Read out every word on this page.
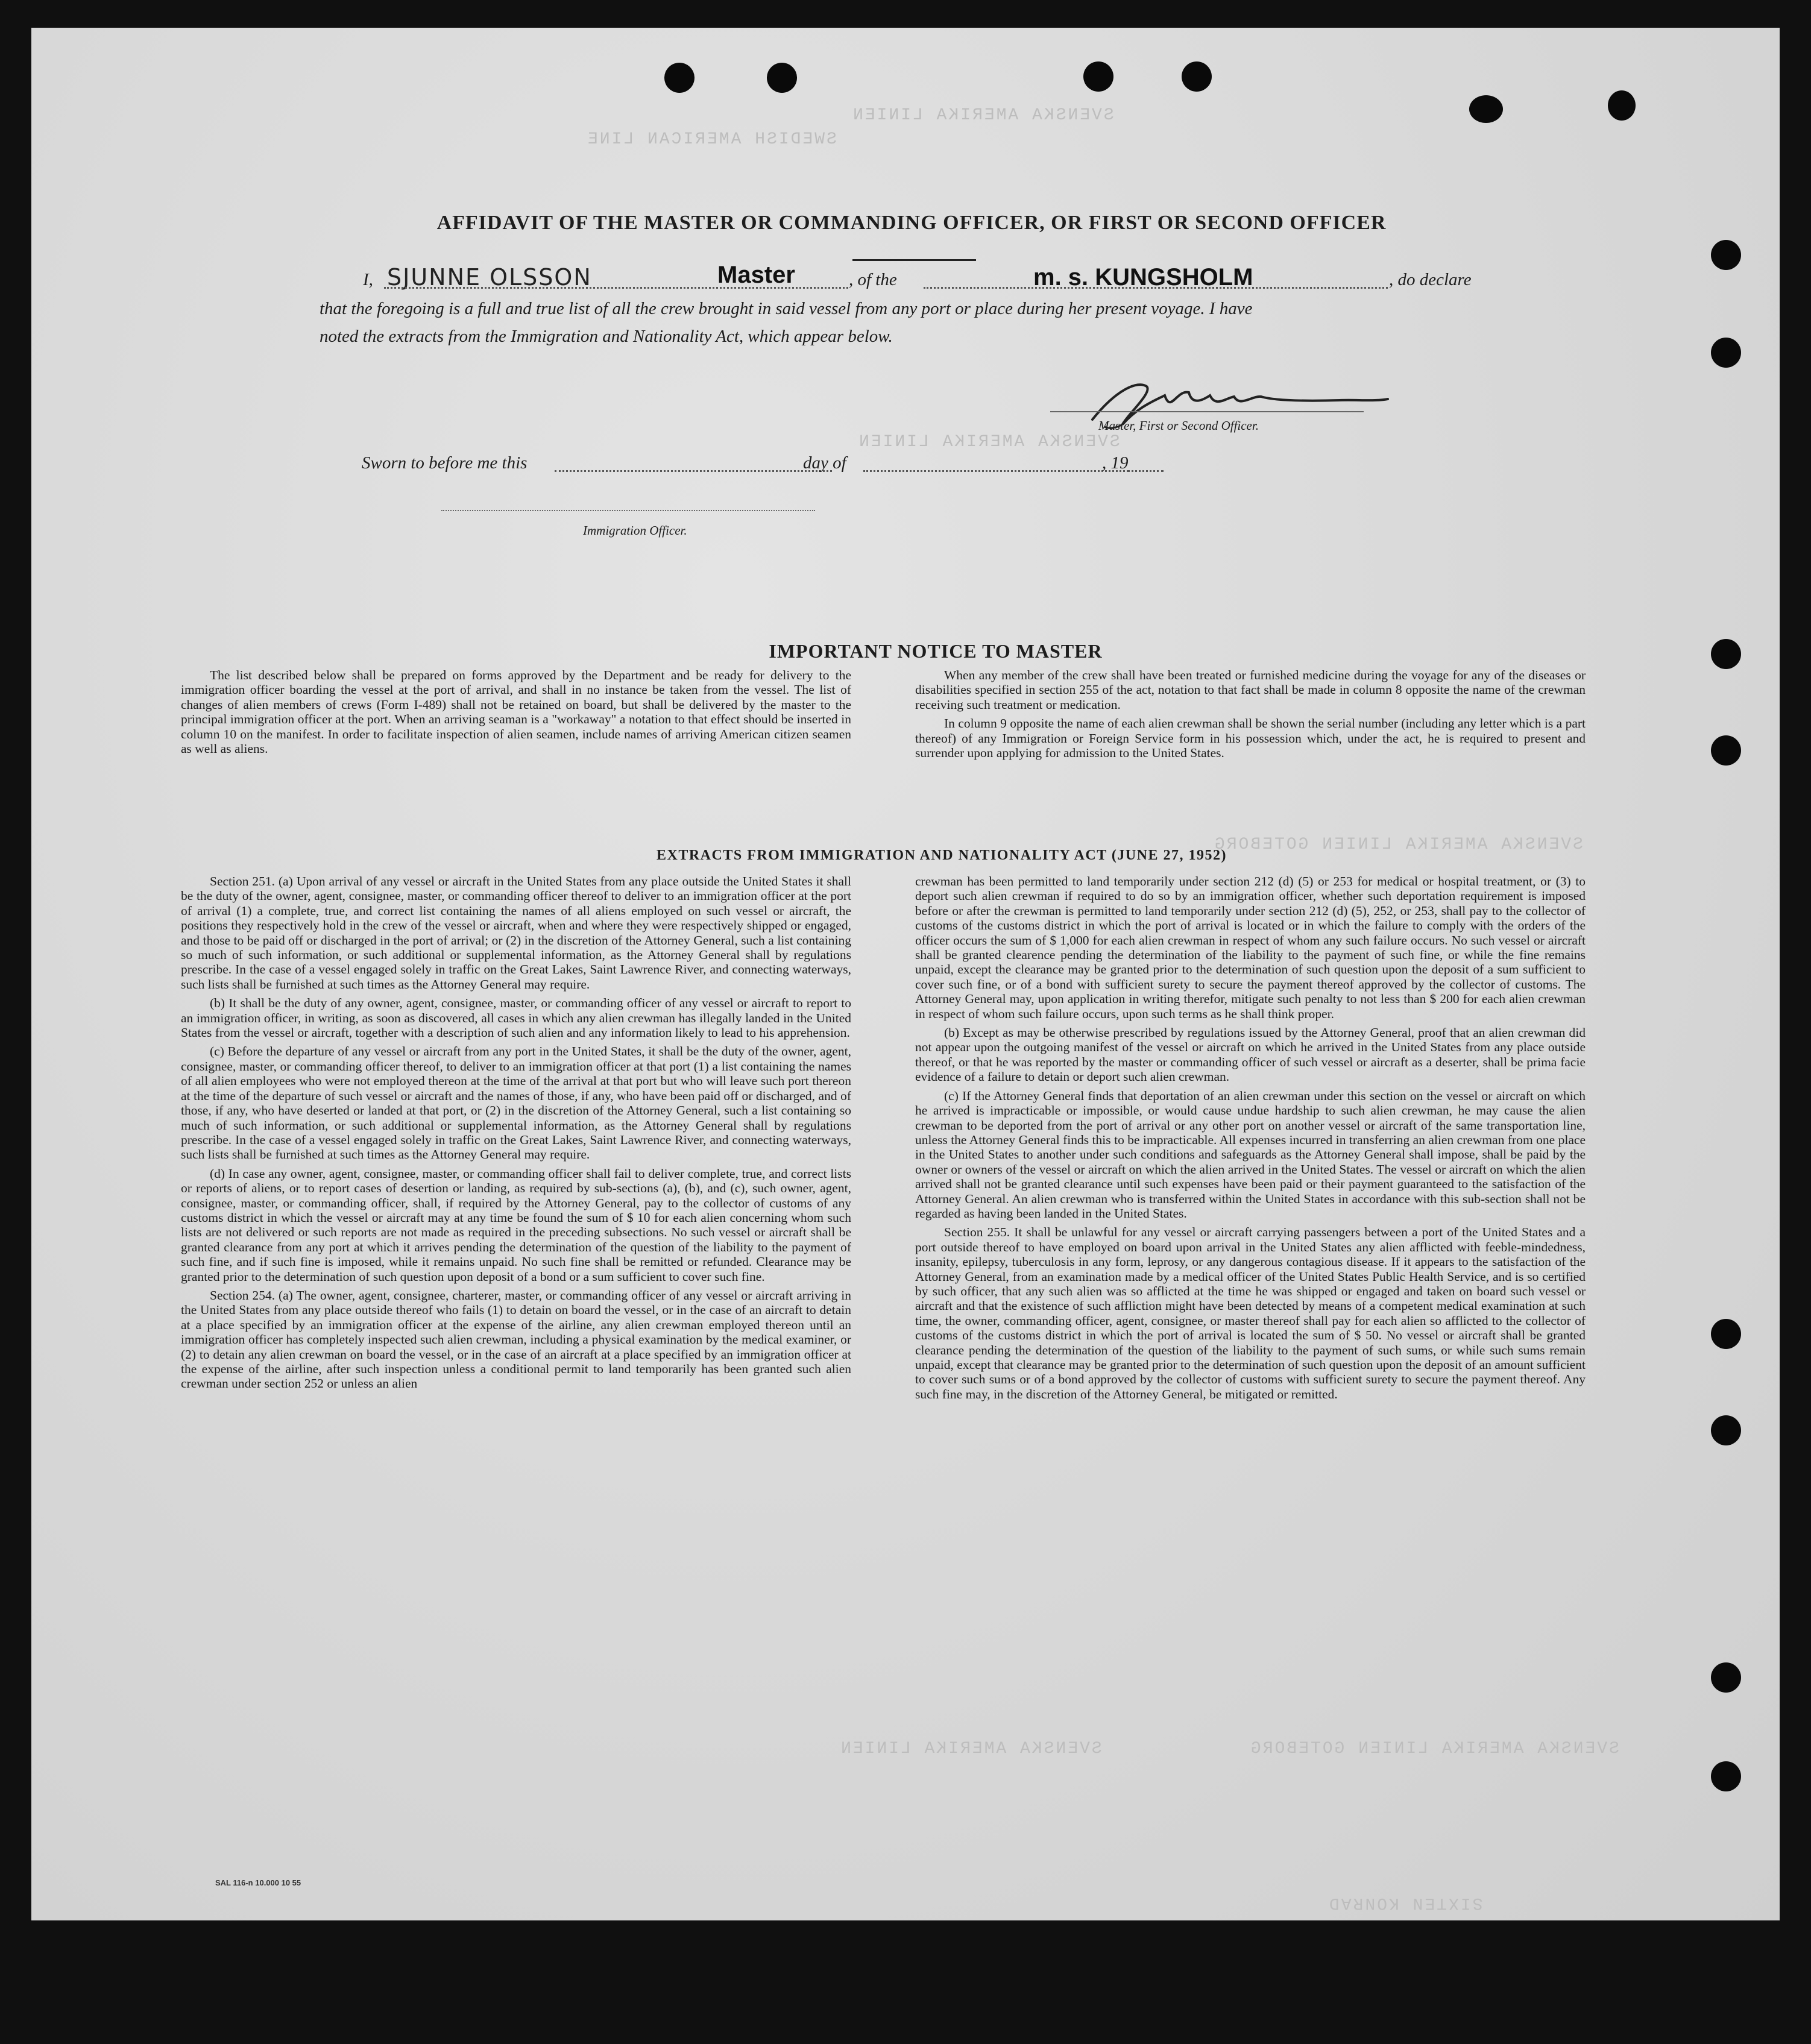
SVENSKA AMERIKA LINIEN
SWEDISH AMERICAN LINE
SVENSKA AMERIKA LINIEN
SVENSKA AMERIKA LINIEN GOTEBORG
SVENSKA AMERIKA LINIEN	SVENSKA AMERIKA LINIEN GOTEBORG
SIXTEN KONRAD
AFFIDAVIT OF THE MASTER OR COMMANDING OFFICER, OR FIRST OR SECOND OFFICER
I, SJUNNE OLSSON	Master	, of the	m. s. KUNGSHOLM	, do declare
that the foregoing is a full and true list of all the crew brought in said vessel from any port or place during her present voyage. I have
noted the extracts from the Immigration and Nationality Act, which appear below.
Master, First or Second Officer.
Sworn to before me this	day of	, 19
Immigration Officer.
IMPORTANT NOTICE TO MASTER

The list described below shall be prepared on forms approved by the Department and be ready for delivery to the immigration officer boarding the vessel at the port of arrival, and shall in no instance be taken from the vessel. The list of changes of alien members of crews (Form I-489) shall not be retained on board, but shall be delivered by the master to the principal immigration officer at the port. When an arriving seaman is a "workaway" a notation to that effect should be inserted in column 10 on the manifest. In order to facilitate inspection of alien seamen, include names of arriving American citizen seamen as well as aliens.

When any member of the crew shall have been treated or furnished medicine during the voyage for any of the diseases or disabilities specified in section 255 of the act, notation to that fact shall be made in column 8 opposite the name of the crewman receiving such treatment or medication.

In column 9 opposite the name of each alien crewman shall be shown the serial number (including any letter which is a part thereof) of any Immigration or Foreign Service form in his possession which, under the act, he is required to present and surrender upon applying for admission to the United States.

EXTRACTS FROM IMMIGRATION AND NATIONALITY ACT (JUNE 27, 1952)

Section 251. (a) Upon arrival of any vessel or aircraft in the United States from any place outside the United States it shall be the duty of the owner, agent, consignee, master, or commanding officer thereof to deliver to an immigration officer at the port of arrival (1) a complete, true, and correct list containing the names of all aliens employed on such vessel or aircraft, the positions they respectively hold in the crew of the vessel or aircraft, when and where they were respectively shipped or engaged, and those to be paid off or discharged in the port of arrival; or (2) in the discretion of the Attorney General, such a list containing so much of such information, or such additional or supplemental information, as the Attorney General shall by regulations prescribe. In the case of a vessel engaged solely in traffic on the Great Lakes, Saint Lawrence River, and connecting waterways, such lists shall be furnished at such times as the Attorney General may require.

(b) It shall be the duty of any owner, agent, consignee, master, or commanding officer of any vessel or aircraft to report to an immigration officer, in writing, as soon as discovered, all cases in which any alien crewman has illegally landed in the United States from the vessel or aircraft, together with a description of such alien and any information likely to lead to his apprehension.

(c) Before the departure of any vessel or aircraft from any port in the United States, it shall be the duty of the owner, agent, consignee, master, or commanding officer thereof, to deliver to an immigration officer at that port (1) a list containing the names of all alien employees who were not employed thereon at the time of the arrival at that port but who will leave such port thereon at the time of the departure of such vessel or aircraft and the names of those, if any, who have been paid off or discharged, and of those, if any, who have deserted or landed at that port, or (2) in the discretion of the Attorney General, such a list containing so much of such information, or such additional or supplemental information, as the Attorney General shall by regulations prescribe. In the case of a vessel engaged solely in traffic on the Great Lakes, Saint Lawrence River, and connecting waterways, such lists shall be furnished at such times as the Attorney General may require.

(d) In case any owner, agent, consignee, master, or commanding officer shall fail to deliver complete, true, and correct lists or reports of aliens, or to report cases of desertion or landing, as required by sub-sections (a), (b), and (c), such owner, agent, consignee, master, or commanding officer, shall, if required by the Attorney General, pay to the collector of customs of any customs district in which the vessel or aircraft may at any time be found the sum of $ 10 for each alien concerning whom such lists are not delivered or such reports are not made as required in the preceding subsections. No such vessel or aircraft shall be granted clearance from any port at which it arrives pending the determination of the question of the liability to the payment of such fine, and if such fine is imposed, while it remains unpaid. No such fine shall be remitted or refunded. Clearance may be granted prior to the determination of such question upon deposit of a bond or a sum sufficient to cover such fine.

Section 254. (a) The owner, agent, consignee, charterer, master, or commanding officer of any vessel or aircraft arriving in the United States from any place outside thereof who fails (1) to detain on board the vessel, or in the case of an aircraft to detain at a place specified by an immigration officer at the expense of the airline, any alien crewman employed thereon until an immigration officer has completely inspected such alien crewman, including a physical examination by the medical examiner, or (2) to detain any alien crewman on board the vessel, or in the case of an aircraft at a place specified by an immigration officer at the expense of the airline, after such inspection unless a conditional permit to land temporarily has been granted such alien crewman under section 252 or unless an alien

crewman has been permitted to land temporarily under section 212 (d) (5) or 253 for medical or hospital treatment, or (3) to deport such alien crewman if required to do so by an immigration officer, whether such deportation requirement is imposed before or after the crewman is permitted to land temporarily under section 212 (d) (5), 252, or 253, shall pay to the collector of customs of the customs district in which the port of arrival is located or in which the failure to comply with the orders of the officer occurs the sum of $ 1,000 for each alien crewman in respect of whom any such failure occurs. No such vessel or aircraft shall be granted clearence pending the determination of the liability to the payment of such fine, or while the fine remains unpaid, except the clearance may be granted prior to the determination of such question upon the deposit of a sum sufficient to cover such fine, or of a bond with sufficient surety to secure the payment thereof approved by the collector of customs. The Attorney General may, upon application in writing therefor, mitigate such penalty to not less than $ 200 for each alien crewman in respect of whom such failure occurs, upon such terms as he shall think proper.

(b) Except as may be otherwise prescribed by regulations issued by the Attorney General, proof that an alien crewman did not appear upon the outgoing manifest of the vessel or aircraft on which he arrived in the United States from any place outside thereof, or that he was reported by the master or commanding officer of such vessel or aircraft as a deserter, shall be prima facie evidence of a failure to detain or deport such alien crewman.

(c) If the Attorney General finds that deportation of an alien crewman under this section on the vessel or aircraft on which he arrived is impracticable or impossible, or would cause undue hardship to such alien crewman, he may cause the alien crewman to be deported from the port of arrival or any other port on another vessel or aircraft of the same transportation line, unless the Attorney General finds this to be impracticable. All expenses incurred in transferring an alien crewman from one place in the United States to another under such conditions and safeguards as the Attorney General shall impose, shall be paid by the owner or owners of the vessel or aircraft on which the alien arrived in the United States. The vessel or aircraft on which the alien arrived shall not be granted clearance until such expenses have been paid or their payment guaranteed to the satisfaction of the Attorney General. An alien crewman who is transferred within the United States in accordance with this sub-section shall not be regarded as having been landed in the United States.

Section 255. It shall be unlawful for any vessel or aircraft carrying passengers between a port of the United States and a port outside thereof to have employed on board upon arrival in the United States any alien afflicted with feeble-mindedness, insanity, epilepsy, tuberculosis in any form, leprosy, or any dangerous contagious disease. If it appears to the satisfaction of the Attorney General, from an examination made by a medical officer of the United States Public Health Service, and is so certified by such officer, that any such alien was so afflicted at the time he was shipped or engaged and taken on board such vessel or aircraft and that the existence of such affliction might have been detected by means of a competent medical examination at such time, the owner, commanding officer, agent, consignee, or master thereof shall pay for each alien so afflicted to the collector of customs of the customs district in which the port of arrival is located the sum of $ 50. No vessel or aircraft shall be granted clearance pending the determination of the question of the liability to the payment of such sums, or while such sums remain unpaid, except that clearance may be granted prior to the determination of such question upon the deposit of an amount sufficient to cover such sums or of a bond approved by the collector of customs with sufficient surety to secure the payment thereof. Any such fine may, in the discretion of the Attorney General, be mitigated or remitted.

SAL 116-n 10.000 10 55
